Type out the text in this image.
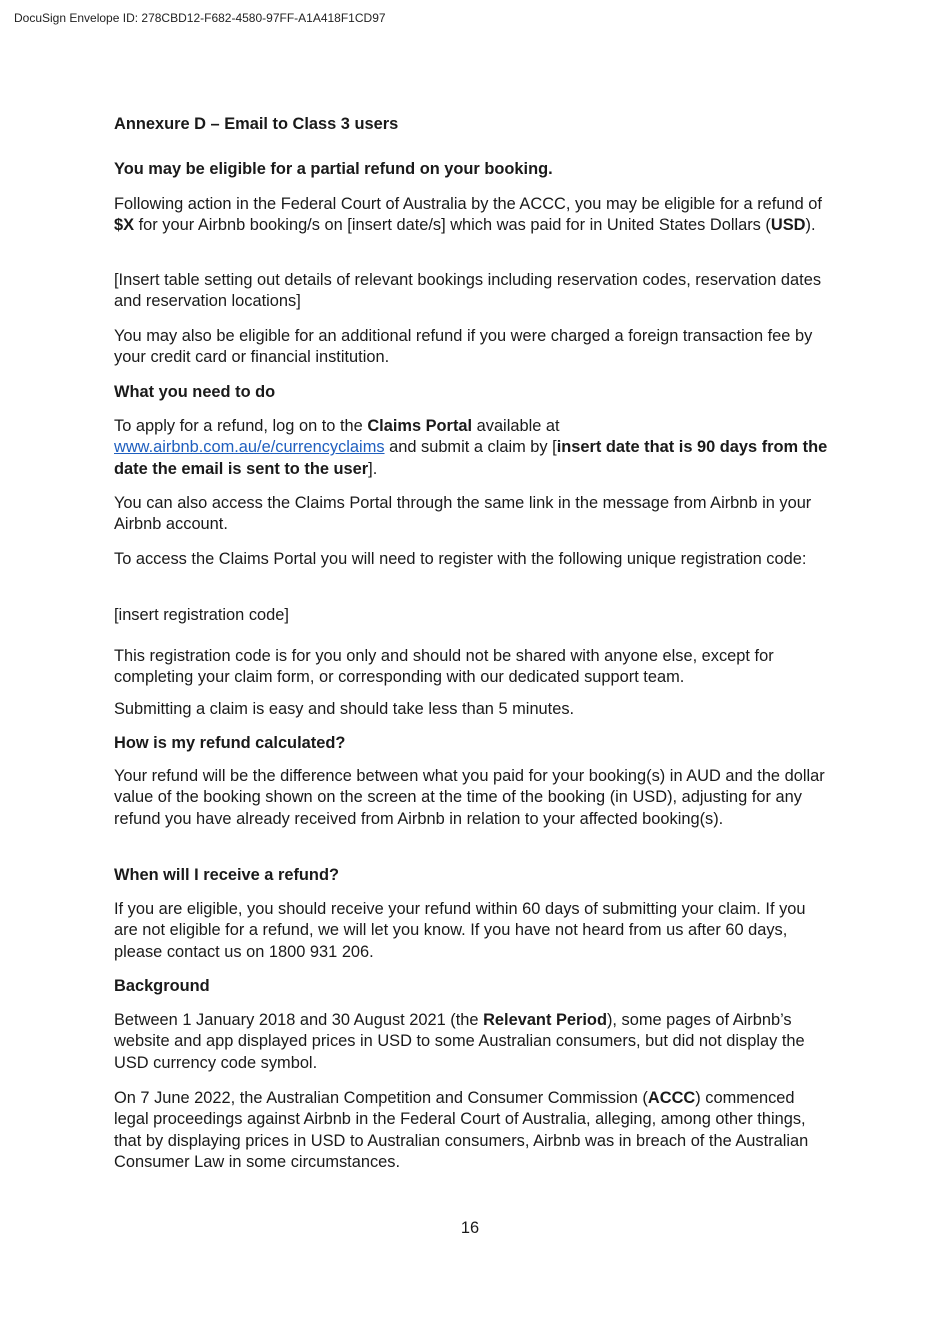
DocuSign Envelope ID: 278CBD12-F682-4580-97FF-A1A418F1CD97

Annexure D – Email to Class 3 users

You may be eligible for a partial refund on your booking.

Following action in the Federal Court of Australia by the ACCC, you may be eligible for a refund of $X for your Airbnb booking/s on [insert date/s] which was paid for in United States Dollars (USD).

[Insert table setting out details of relevant bookings including reservation codes, reservation dates and reservation locations]

You may also be eligible for an additional refund if you were charged a foreign transaction fee by your credit card or financial institution.

What you need to do

To apply for a refund, log on to the Claims Portal available at
www.airbnb.com.au/e/currencyclaims and submit a claim by [insert date that is 90 days from the date the email is sent to the user].

You can also access the Claims Portal through the same link in the message from Airbnb in your Airbnb account.

To access the Claims Portal you will need to register with the following unique registration code:

[insert registration code]

This registration code is for you only and should not be shared with anyone else, except for completing your claim form, or corresponding with our dedicated support team.

Submitting a claim is easy and should take less than 5 minutes.

How is my refund calculated?

Your refund will be the difference between what you paid for your booking(s) in AUD and the dollar value of the booking shown on the screen at the time of the booking (in USD), adjusting for any refund you have already received from Airbnb in relation to your affected booking(s).

When will I receive a refund?

If you are eligible, you should receive your refund within 60 days of submitting your claim. If you are not eligible for a refund, we will let you know. If you have not heard from us after 60 days, please contact us on 1800 931 206.

Background

Between 1 January 2018 and 30 August 2021 (the Relevant Period), some pages of Airbnb’s website and app displayed prices in USD to some Australian consumers, but did not display the USD currency code symbol.

On 7 June 2022, the Australian Competition and Consumer Commission (ACCC) commenced legal proceedings against Airbnb in the Federal Court of Australia, alleging, among other things, that by displaying prices in USD to Australian consumers, Airbnb was in breach of the Australian Consumer Law in some circumstances.

16
